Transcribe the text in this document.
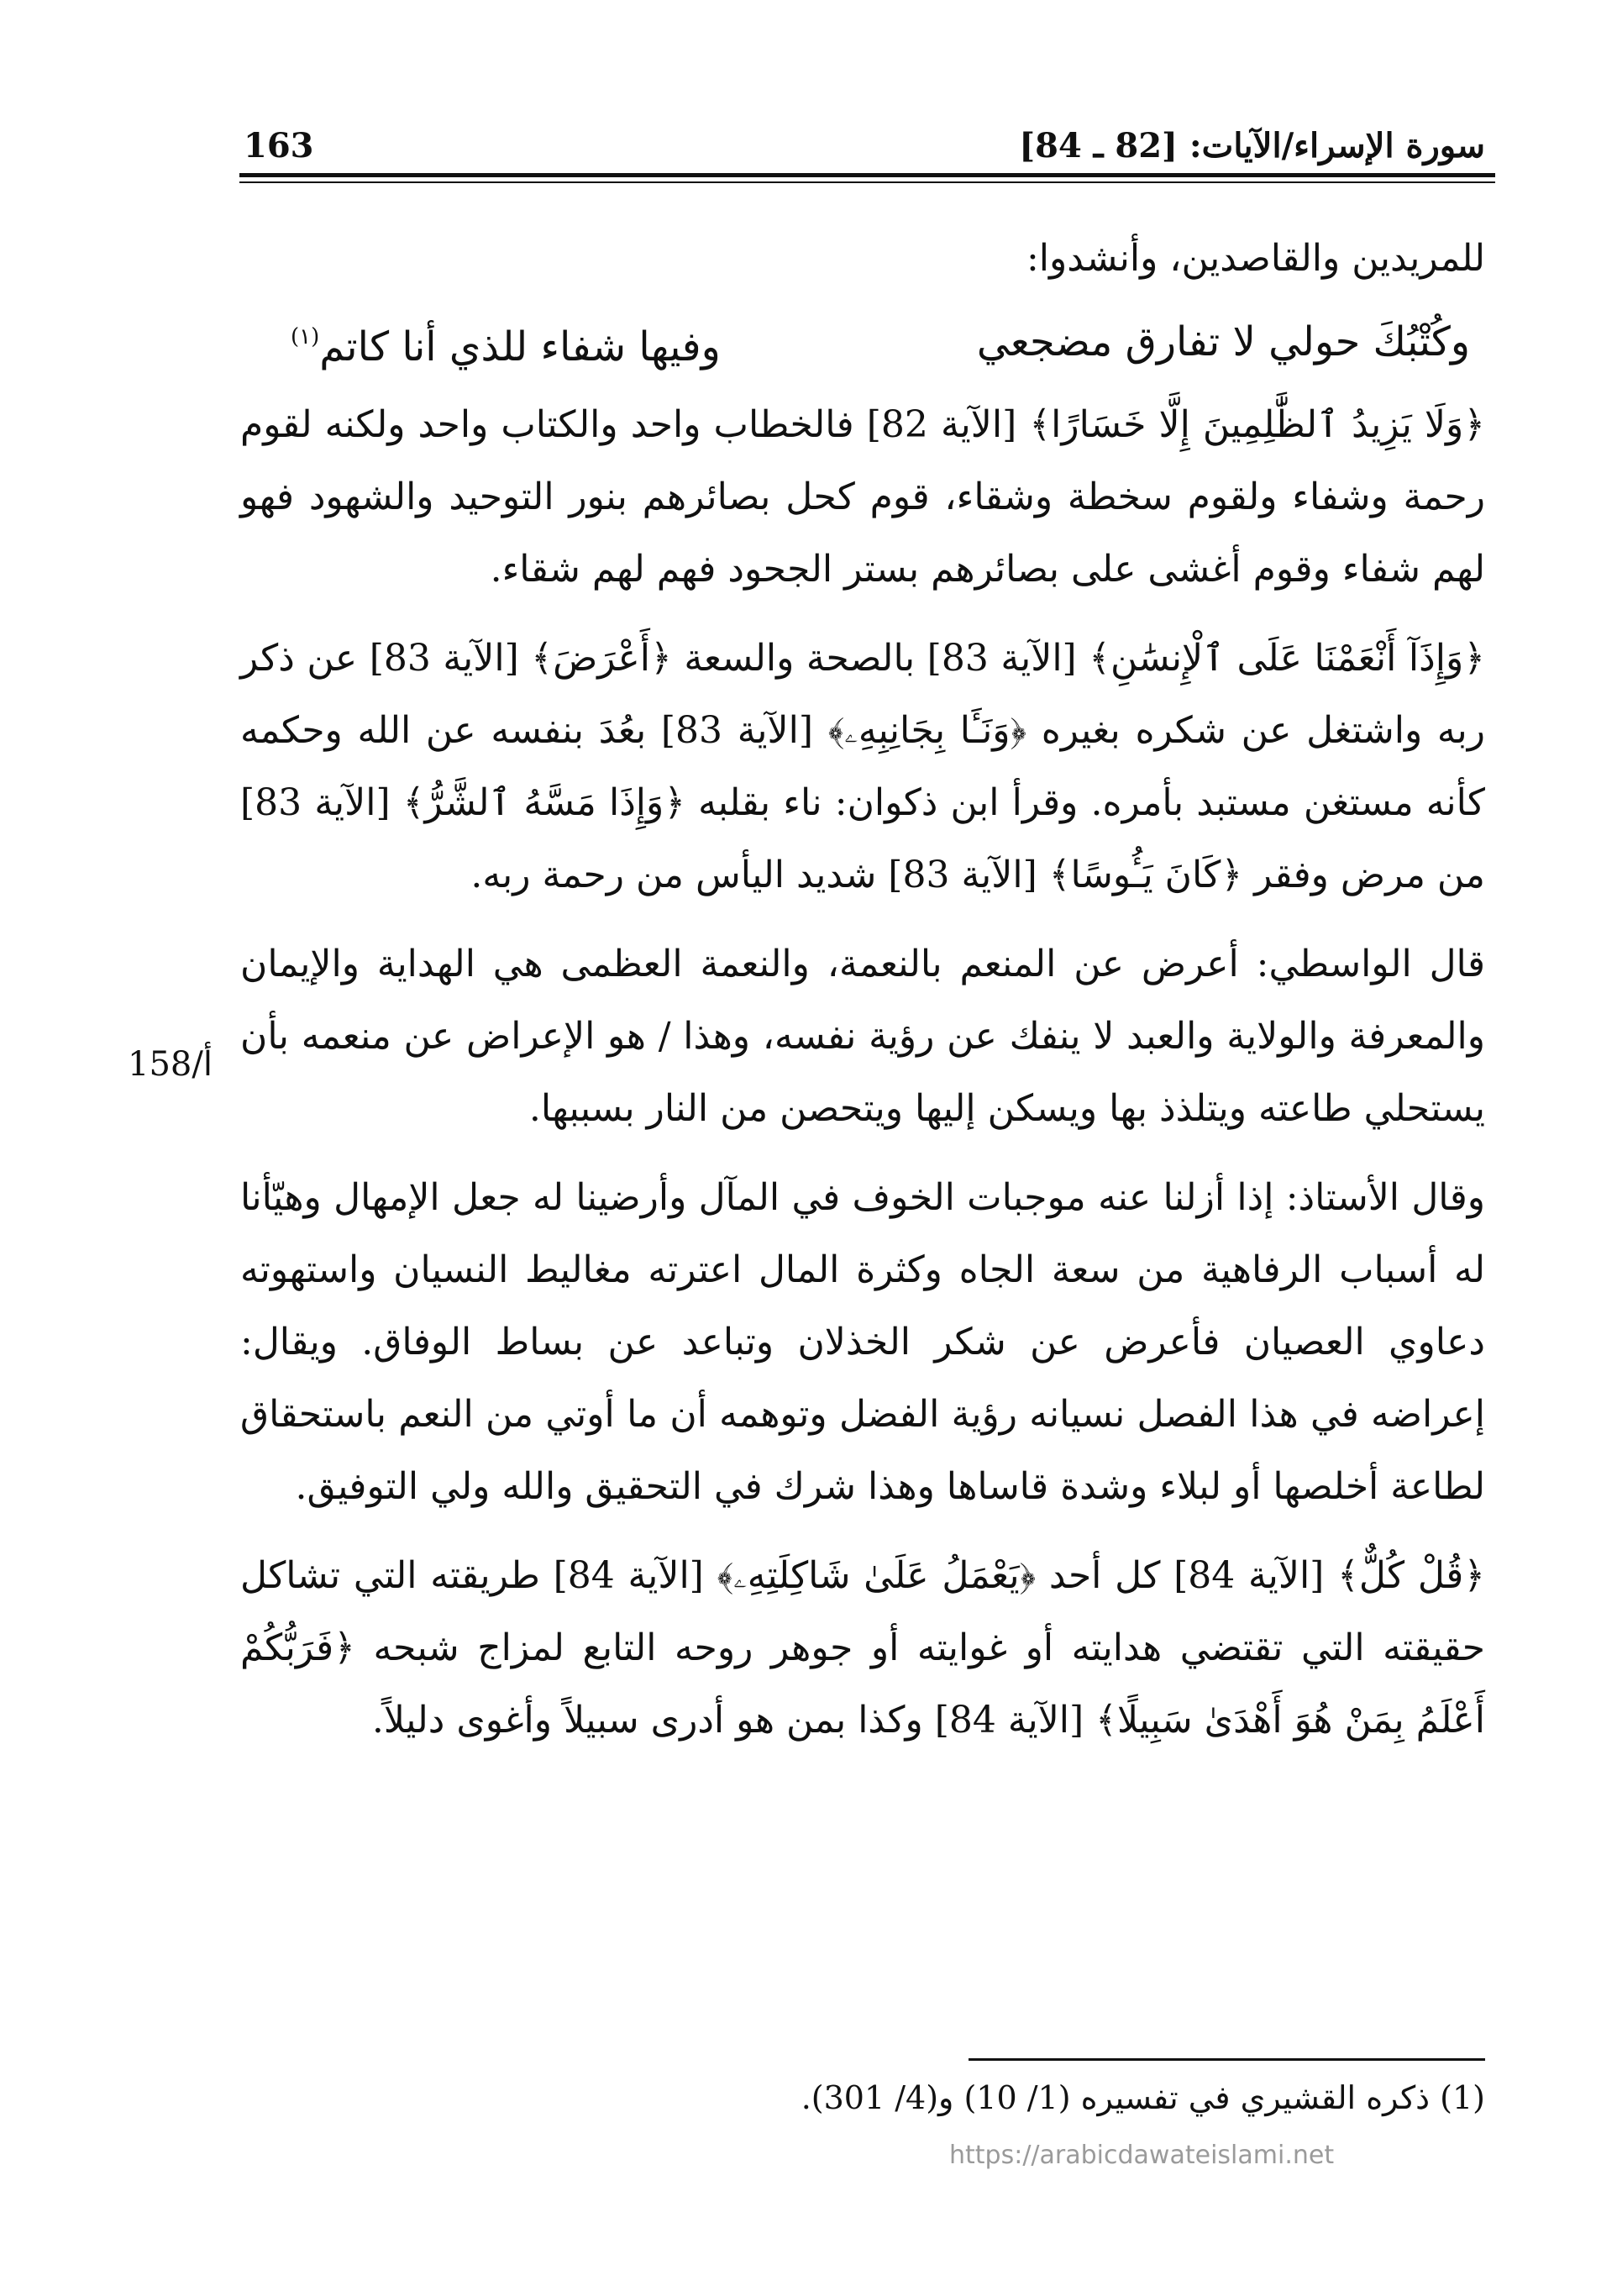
سورة الإسراء/الآيات: [82 ـ 84]
163

للمريدين والقاصدين، وأنشدوا:

وكُتْبُكَ حولي لا تفارق مضجعي
وفيها شفاء للذي أنا كاتم$^{(١)}$

﴿وَلَا يَزِيدُ ٱلظَّٰلِمِينَ إِلَّا خَسَارًا﴾ [الآية 82] فالخطاب واحد والكتاب واحد ولكنه لقوم رحمة وشفاء ولقوم سخطة وشقاء، قوم كحل بصائرهم بنور التوحيد والشهود فهو لهم شفاء وقوم أغشى على بصائرهم بستر الجحود فهم لهم شقاء.

﴿وَإِذَآ أَنْعَمْنَا عَلَى ٱلْإِنسَٰنِ﴾ [الآية 83] بالصحة والسعة ﴿أَعْرَضَ﴾ [الآية 83] عن ذكر ربه واشتغل عن شكره بغيره ﴿وَنَـَٔا بِجَانِبِهِۦ﴾ [الآية 83] بعُدَ بنفسه عن الله وحكمه كأنه مستغن مستبد بأمره. وقرأ ابن ذكوان: ناء بقلبه ﴿وَإِذَا مَسَّهُ ٱلشَّرُّ﴾ [الآية 83] من مرض وفقر ﴿كَانَ يَـُٔوسًا﴾ [الآية 83] شديد اليأس من رحمة ربه.

قال الواسطي: أعرض عن المنعم بالنعمة، والنعمة العظمى هي الهداية والإيمان والمعرفة والولاية والعبد لا ينفك عن رؤية نفسه، وهذا / هو الإعراض عن منعمه بأن يستحلي طاعته ويتلذذ بها ويسكن إليها ويتحصن من النار بسببها.

وقال الأستاذ: إذا أزلنا عنه موجبات الخوف في المآل وأرضينا له جعل الإمهال وهيّأنا له أسباب الرفاهية من سعة الجاه وكثرة المال اعترته مغاليط النسيان واستهوته دعاوي العصيان فأعرض عن شكر الخذلان وتباعد عن بساط الوفاق. ويقال: إعراضه في هذا الفصل نسيانه رؤية الفضل وتوهمه أن ما أوتي من النعم باستحقاق لطاعة أخلصها أو لبلاء وشدة قاساها وهذا شرك في التحقيق والله ولي التوفيق.

﴿قُلْ كُلٌّ﴾ [الآية 84] كل أحد ﴿يَعْمَلُ عَلَىٰ شَاكِلَتِهِۦ﴾ [الآية 84] طريقته التي تشاكل حقيقته التي تقتضي هدايته أو غوايته أو جوهر روحه التابع لمزاج شبحه ﴿فَرَبُّكُمْ أَعْلَمُ بِمَنْ هُوَ أَهْدَىٰ سَبِيلًا﴾ [الآية 84] وكذا بمن هو أدرى سبيلاً وأغوى دليلاً.

158/أ
(1) ذكره القشيري في تفسيره (1/ 10) و(4/ 301).
https://arabicdawateislami.net
